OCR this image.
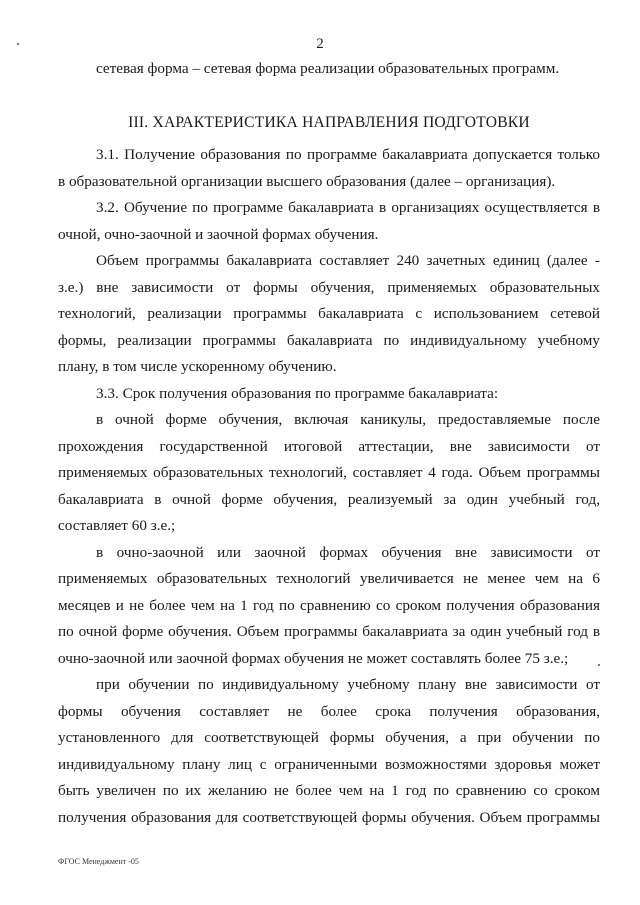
2

сетевая форма – сетевая форма реализации образовательных программ.

III. ХАРАКТЕРИСТИКА НАПРАВЛЕНИЯ ПОДГОТОВКИ

3.1. Получение образования по программе бакалавриата допускается только в образовательной организации высшего образования (далее – организация).

3.2. Обучение по программе бакалавриата в организациях осуществляется в очной, очно-заочной и заочной формах обучения.

Объем программы бакалавриата составляет 240 зачетных единиц (далее - з.е.) вне зависимости от формы обучения, применяемых образовательных технологий, реализации программы бакалавриата с использованием сетевой формы, реализации программы бакалавриата по индивидуальному учебному плану, в том числе ускоренному обучению.

3.3. Срок получения образования по программе бакалавриата:

в очной форме обучения, включая каникулы, предоставляемые после прохождения государственной итоговой аттестации, вне зависимости от применяемых образовательных технологий, составляет 4 года. Объем программы бакалавриата в очной форме обучения, реализуемый за один учебный год, составляет 60 з.е.;

в очно-заочной или заочной формах обучения вне зависимости от применяемых образовательных технологий увеличивается не менее чем на 6 месяцев и не более чем на 1 год по сравнению со сроком получения образования по очной форме обучения. Объем программы бакалавриата за один учебный год в очно-заочной или заочной формах обучения не может составлять более 75 з.е.;

при обучении по индивидуальному учебному плану вне зависимости от формы обучения составляет не более срока получения образования, установленного для соответствующей формы обучения, а при обучении по индивидуальному плану лиц с ограниченными возможностями здоровья может быть увеличен по их желанию не более чем на 1 год по сравнению со сроком получения образования для соответствующей формы обучения. Объем программы

ФГОС Менеджмент -05
